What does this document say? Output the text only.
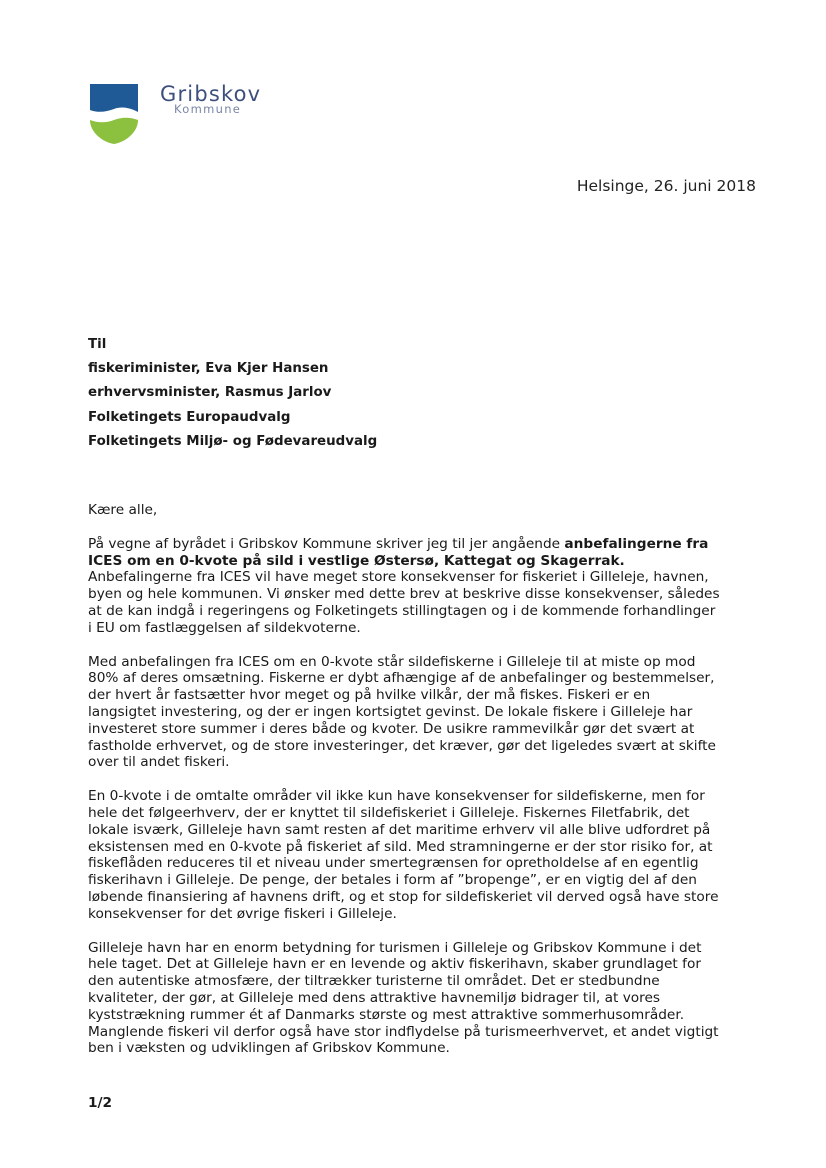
Gribskov
Kommune
Helsinge, 26. juni 2018
Til
fiskeriminister, Eva Kjer Hansen
erhvervsminister, Rasmus Jarlov
Folketingets Europaudvalg
Folketingets Miljø- og Fødevareudvalg

Kære alle,

På vegne af byrådet i Gribskov Kommune skriver jeg til jer angående anbefalingerne fra
ICES om en 0-kvote på sild i vestlige Østersø, Kattegat og Skagerrak.
Anbefalingerne fra ICES vil have meget store konsekvenser for fiskeriet i Gilleleje, havnen,
byen og hele kommunen. Vi ønsker med dette brev at beskrive disse konsekvenser, således
at de kan indgå i regeringens og Folketingets stillingtagen og i de kommende forhandlinger
i EU om fastlæggelsen af sildekvoterne.

Med anbefalingen fra ICES om en 0-kvote står sildefiskerne i Gilleleje til at miste op mod
80% af deres omsætning. Fiskerne er dybt afhængige af de anbefalinger og bestemmelser,
der hvert år fastsætter hvor meget og på hvilke vilkår, der må fiskes. Fiskeri er en
langsigtet investering, og der er ingen kortsigtet gevinst. De lokale fiskere i Gilleleje har
investeret store summer i deres både og kvoter. De usikre rammevilkår gør det svært at
fastholde erhvervet, og de store investeringer, det kræver, gør det ligeledes svært at skifte
over til andet fiskeri.

En 0-kvote i de omtalte områder vil ikke kun have konsekvenser for sildefiskerne, men for
hele det følgeerhverv, der er knyttet til sildefiskeriet i Gilleleje. Fiskernes Filetfabrik, det
lokale isværk, Gilleleje havn samt resten af det maritime erhverv vil alle blive udfordret på
eksistensen med en 0-kvote på fiskeriet af sild. Med stramningerne er der stor risiko for, at
fiskeflåden reduceres til et niveau under smertegrænsen for opretholdelse af en egentlig
fiskerihavn i Gilleleje. De penge, der betales i form af ”bropenge”, er en vigtig del af den
løbende finansiering af havnens drift, og et stop for sildefiskeriet vil derved også have store
konsekvenser for det øvrige fiskeri i Gilleleje.

Gilleleje havn har en enorm betydning for turismen i Gilleleje og Gribskov Kommune i det
hele taget. Det at Gilleleje havn er en levende og aktiv fiskerihavn, skaber grundlaget for
den autentiske atmosfære, der tiltrækker turisterne til området. Det er stedbundne
kvaliteter, der gør, at Gilleleje med dens attraktive havnemiljø bidrager til, at vores
kyststrækning rummer ét af Danmarks største og mest attraktive sommerhusområder.
Manglende fiskeri vil derfor også have stor indflydelse på turismeerhvervet, et andet vigtigt
ben i væksten og udviklingen af Gribskov Kommune.

1/2
